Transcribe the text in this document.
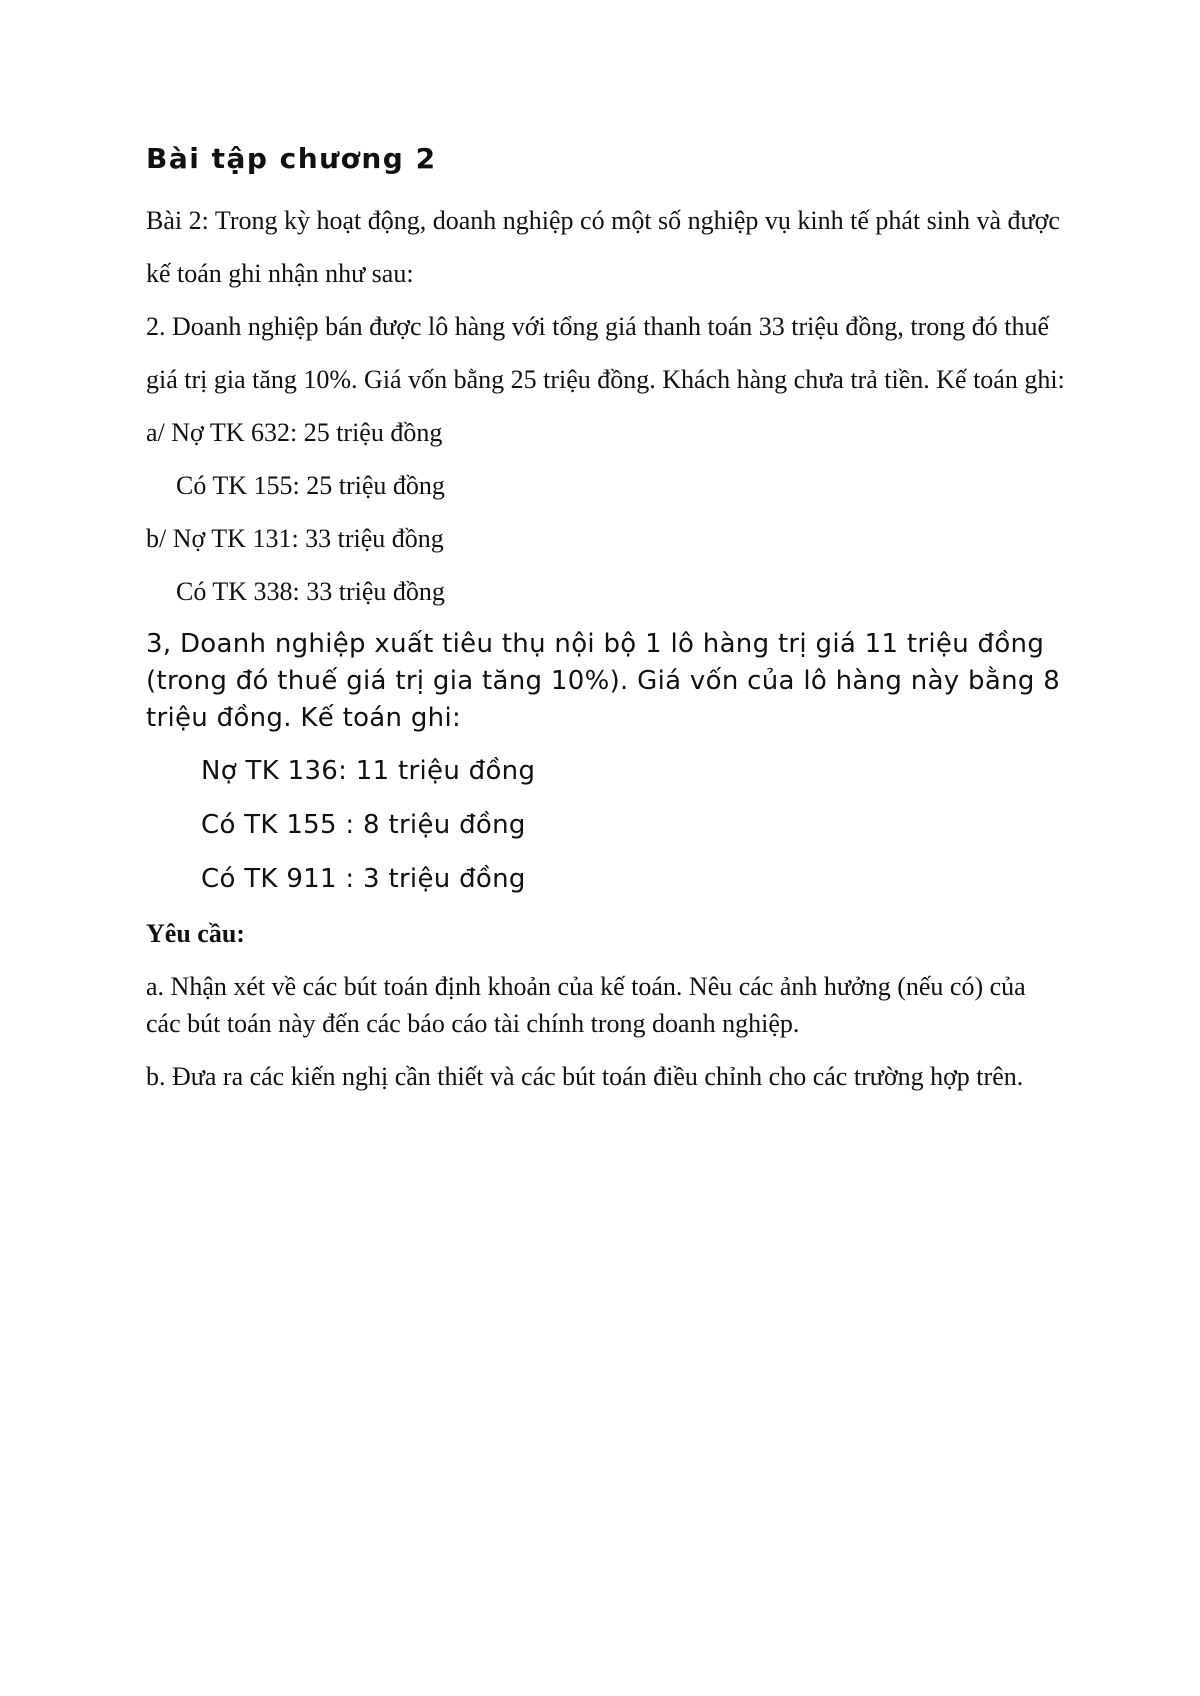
Bài tập chương 2

Bài 2: Trong kỳ hoạt động, doanh nghiệp có một số nghiệp vụ kinh tế phát sinh và được

kế toán ghi nhận như sau:

2. Doanh nghiệp bán được lô hàng với tổng giá thanh toán 33 triệu đồng, trong đó thuế

giá trị gia tăng 10%. Giá vốn bằng 25 triệu đồng. Khách hàng chưa trả tiền. Kế toán ghi:

a/ Nợ TK 632: 25 triệu đồng

Có TK 155: 25 triệu đồng

b/ Nợ TK 131: 33 triệu đồng

Có TK 338: 33 triệu đồng

3, Doanh nghiệp xuất tiêu thụ nội bộ 1 lô hàng trị giá 11 triệu đồng (trong đó thuế giá trị gia tăng 10%). Giá vốn của lô hàng này bằng 8 triệu đồng. Kế toán ghi:

Nợ TK 136: 11 triệu đồng

Có TK 155 : 8 triệu đồng

Có TK 911 : 3 triệu đồng

Yêu cầu:

a. Nhận xét về các bút toán định khoản của kế toán. Nêu các ảnh hưởng (nếu có) của các bút toán này đến các báo cáo tài chính trong doanh nghiệp.

b. Đưa ra các kiến nghị cần thiết và các bút toán điều chỉnh cho các trường hợp trên.
